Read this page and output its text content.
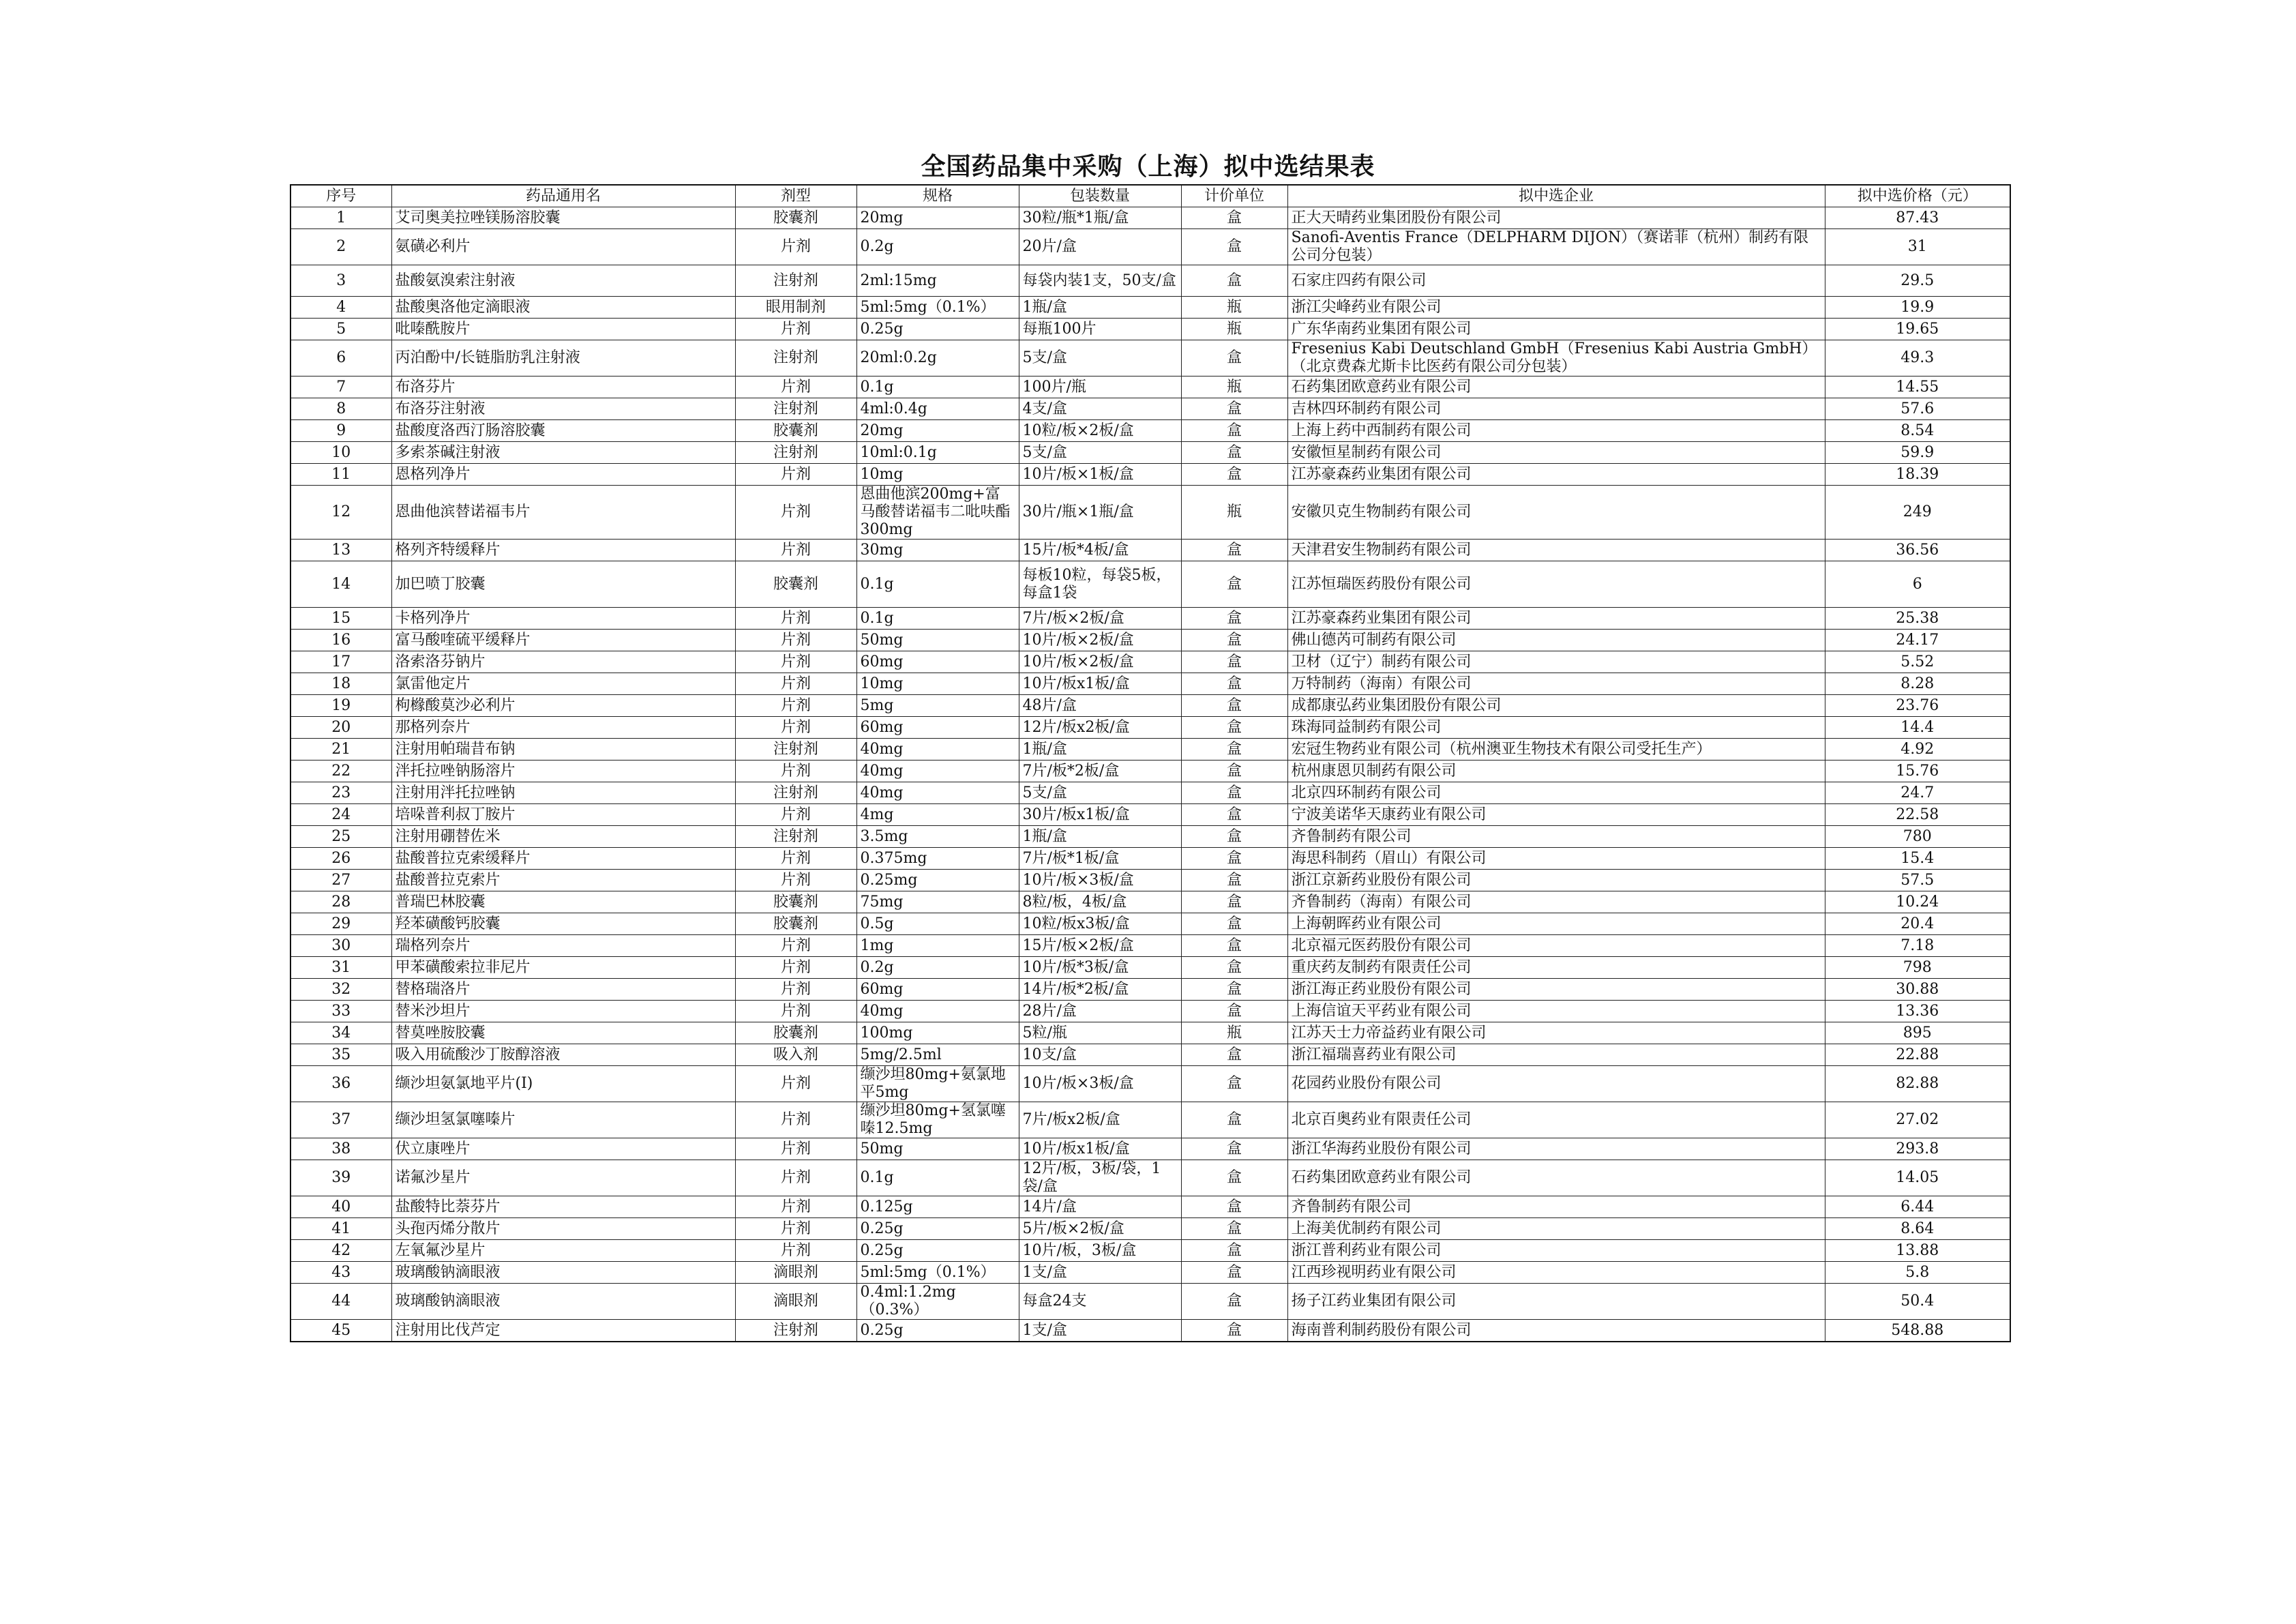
全国药品集中采购（上海）拟中选结果表
序号	药品通用名	剂型	规格	包装数量	计价单位	拟中选企业	拟中选价格（元）
1	艾司奥美拉唑镁肠溶胶囊	胶囊剂	20mg	30粒/瓶*1瓶/盒	盒	正大天晴药业集团股份有限公司	87.43
2	氨磺必利片	片剂	0.2g	20片/盒	盒	Sanofi-Aventis France（DELPHARM DIJON）（赛诺菲（杭州）制药有限公司分包装）	31
3	盐酸氨溴索注射液	注射剂	2ml:15mg	每袋内装1支，50支/盒	盒	石家庄四药有限公司	29.5
4	盐酸奥洛他定滴眼液	眼用制剂	5ml:5mg（0.1%）	1瓶/盒	瓶	浙江尖峰药业有限公司	19.9
5	吡嗪酰胺片	片剂	0.25g	每瓶100片	瓶	广东华南药业集团有限公司	19.65
6	丙泊酚中/长链脂肪乳注射液	注射剂	20ml:0.2g	5支/盒	盒	Fresenius Kabi Deutschland GmbH（Fresenius Kabi Austria GmbH）（北京费森尤斯卡比医药有限公司分包装）	49.3
7	布洛芬片	片剂	0.1g	100片/瓶	瓶	石药集团欧意药业有限公司	14.55
8	布洛芬注射液	注射剂	4ml:0.4g	4支/盒	盒	吉林四环制药有限公司	57.6
9	盐酸度洛西汀肠溶胶囊	胶囊剂	20mg	10粒/板×2板/盒	盒	上海上药中西制药有限公司	8.54
10	多索茶碱注射液	注射剂	10ml:0.1g	5支/盒	盒	安徽恒星制药有限公司	59.9
11	恩格列净片	片剂	10mg	10片/板×1板/盒	盒	江苏豪森药业集团有限公司	18.39
12	恩曲他滨替诺福韦片	片剂	恩曲他滨200mg+富马酸替诺福韦二吡呋酯300mg	30片/瓶×1瓶/盒	瓶	安徽贝克生物制药有限公司	249
13	格列齐特缓释片	片剂	30mg	15片/板*4板/盒	盒	天津君安生物制药有限公司	36.56
14	加巴喷丁胶囊	胶囊剂	0.1g	每板10粒，每袋5板，每盒1袋	盒	江苏恒瑞医药股份有限公司	6
15	卡格列净片	片剂	0.1g	7片/板×2板/盒	盒	江苏豪森药业集团有限公司	25.38
16	富马酸喹硫平缓释片	片剂	50mg	10片/板×2板/盒	盒	佛山德芮可制药有限公司	24.17
17	洛索洛芬钠片	片剂	60mg	10片/板×2板/盒	盒	卫材（辽宁）制药有限公司	5.52
18	氯雷他定片	片剂	10mg	10片/板x1板/盒	盒	万特制药（海南）有限公司	8.28
19	枸橼酸莫沙必利片	片剂	5mg	48片/盒	盒	成都康弘药业集团股份有限公司	23.76
20	那格列奈片	片剂	60mg	12片/板x2板/盒	盒	珠海同益制药有限公司	14.4
21	注射用帕瑞昔布钠	注射剂	40mg	1瓶/盒	盒	宏冠生物药业有限公司（杭州澳亚生物技术有限公司受托生产）	4.92
22	泮托拉唑钠肠溶片	片剂	40mg	7片/板*2板/盒	盒	杭州康恩贝制药有限公司	15.76
23	注射用泮托拉唑钠	注射剂	40mg	5支/盒	盒	北京四环制药有限公司	24.7
24	培哚普利叔丁胺片	片剂	4mg	30片/板x1板/盒	盒	宁波美诺华天康药业有限公司	22.58
25	注射用硼替佐米	注射剂	3.5mg	1瓶/盒	盒	齐鲁制药有限公司	780
26	盐酸普拉克索缓释片	片剂	0.375mg	7片/板*1板/盒	盒	海思科制药（眉山）有限公司	15.4
27	盐酸普拉克索片	片剂	0.25mg	10片/板×3板/盒	盒	浙江京新药业股份有限公司	57.5
28	普瑞巴林胶囊	胶囊剂	75mg	8粒/板，4板/盒	盒	齐鲁制药（海南）有限公司	10.24
29	羟苯磺酸钙胶囊	胶囊剂	0.5g	10粒/板x3板/盒	盒	上海朝晖药业有限公司	20.4
30	瑞格列奈片	片剂	1mg	15片/板×2板/盒	盒	北京福元医药股份有限公司	7.18
31	甲苯磺酸索拉非尼片	片剂	0.2g	10片/板*3板/盒	盒	重庆药友制药有限责任公司	798
32	替格瑞洛片	片剂	60mg	14片/板*2板/盒	盒	浙江海正药业股份有限公司	30.88
33	替米沙坦片	片剂	40mg	28片/盒	盒	上海信谊天平药业有限公司	13.36
34	替莫唑胺胶囊	胶囊剂	100mg	5粒/瓶	瓶	江苏天士力帝益药业有限公司	895
35	吸入用硫酸沙丁胺醇溶液	吸入剂	5mg/2.5ml	10支/盒	盒	浙江福瑞喜药业有限公司	22.88
36	缬沙坦氨氯地平片(Ⅰ)	片剂	缬沙坦80mg+氨氯地平5mg	10片/板×3板/盒	盒	花园药业股份有限公司	82.88
37	缬沙坦氢氯噻嗪片	片剂	缬沙坦80mg+氢氯噻嗪12.5mg	7片/板x2板/盒	盒	北京百奥药业有限责任公司	27.02
38	伏立康唑片	片剂	50mg	10片/板x1板/盒	盒	浙江华海药业股份有限公司	293.8
39	诺氟沙星片	片剂	0.1g	12片/板，3板/袋，1袋/盒	盒	石药集团欧意药业有限公司	14.05
40	盐酸特比萘芬片	片剂	0.125g	14片/盒	盒	齐鲁制药有限公司	6.44
41	头孢丙烯分散片	片剂	0.25g	5片/板×2板/盒	盒	上海美优制药有限公司	8.64
42	左氧氟沙星片	片剂	0.25g	10片/板，3板/盒	盒	浙江普利药业有限公司	13.88
43	玻璃酸钠滴眼液	滴眼剂	5ml:5mg（0.1%）	1支/盒	盒	江西珍视明药业有限公司	5.8
44	玻璃酸钠滴眼液	滴眼剂	0.4ml:1.2mg（0.3%）	每盒24支	盒	扬子江药业集团有限公司	50.4
45	注射用比伐芦定	注射剂	0.25g	1支/盒	盒	海南普利制药股份有限公司	548.88
